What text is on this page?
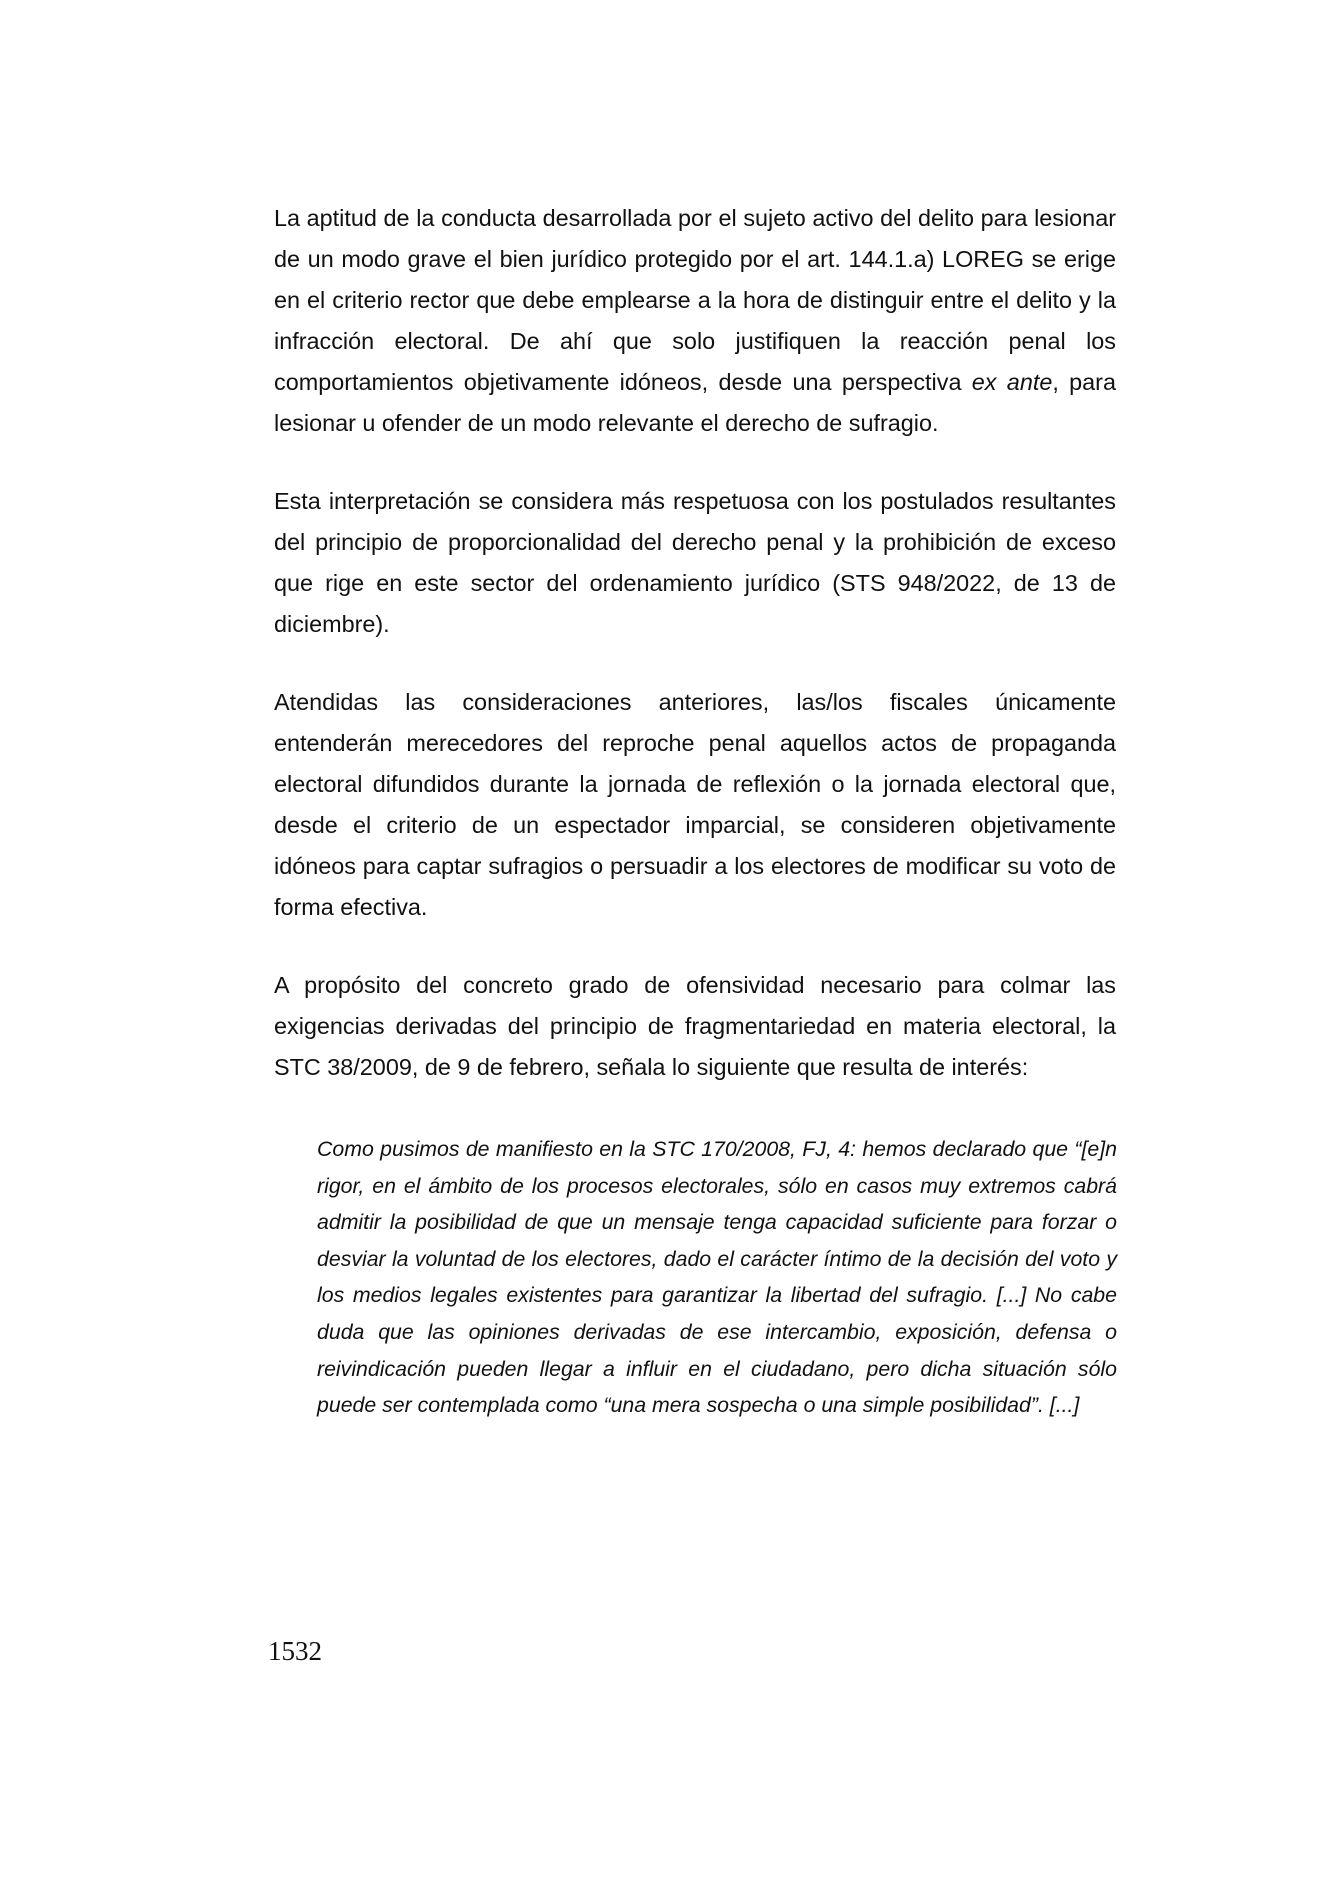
La aptitud de la conducta desarrollada por el sujeto activo del delito para lesionar de un modo grave el bien jurídico protegido por el art. 144.1.a) LOREG se erige en el criterio rector que debe emplearse a la hora de distinguir entre el delito y la infracción electoral. De ahí que solo justifiquen la reacción penal los comportamientos objetivamente idóneos, desde una perspectiva ex ante, para lesionar u ofender de un modo relevante el derecho de sufragio.

Esta interpretación se considera más respetuosa con los postulados resultantes del principio de proporcionalidad del derecho penal y la prohibición de exceso que rige en este sector del ordenamiento jurídico (STS 948/2022, de 13 de diciembre).

Atendidas las consideraciones anteriores, las/los fiscales únicamente entenderán merecedores del reproche penal aquellos actos de propaganda electoral difundidos durante la jornada de reflexión o la jornada electoral que, desde el criterio de un espectador imparcial, se consideren objetivamente idóneos para captar sufragios o persuadir a los electores de modificar su voto de forma efectiva.

A propósito del concreto grado de ofensividad necesario para colmar las exigencias derivadas del principio de fragmentariedad en materia electoral, la STC 38/2009, de 9 de febrero, señala lo siguiente que resulta de interés:

Como pusimos de manifiesto en la STC 170/2008, FJ, 4: hemos declarado que “[e]n rigor, en el ámbito de los procesos electorales, sólo en casos muy extremos cabrá admitir la posibilidad de que un mensaje tenga capacidad suficiente para forzar o desviar la voluntad de los electores, dado el carácter íntimo de la decisión del voto y los medios legales existentes para garantizar la libertad del sufragio. [...] No cabe duda que las opiniones derivadas de ese intercambio, exposición, defensa o reivindicación pueden llegar a influir en el ciudadano, pero dicha situación sólo puede ser contemplada como “una mera sospecha o una simple posibilidad”. [...]

1532
